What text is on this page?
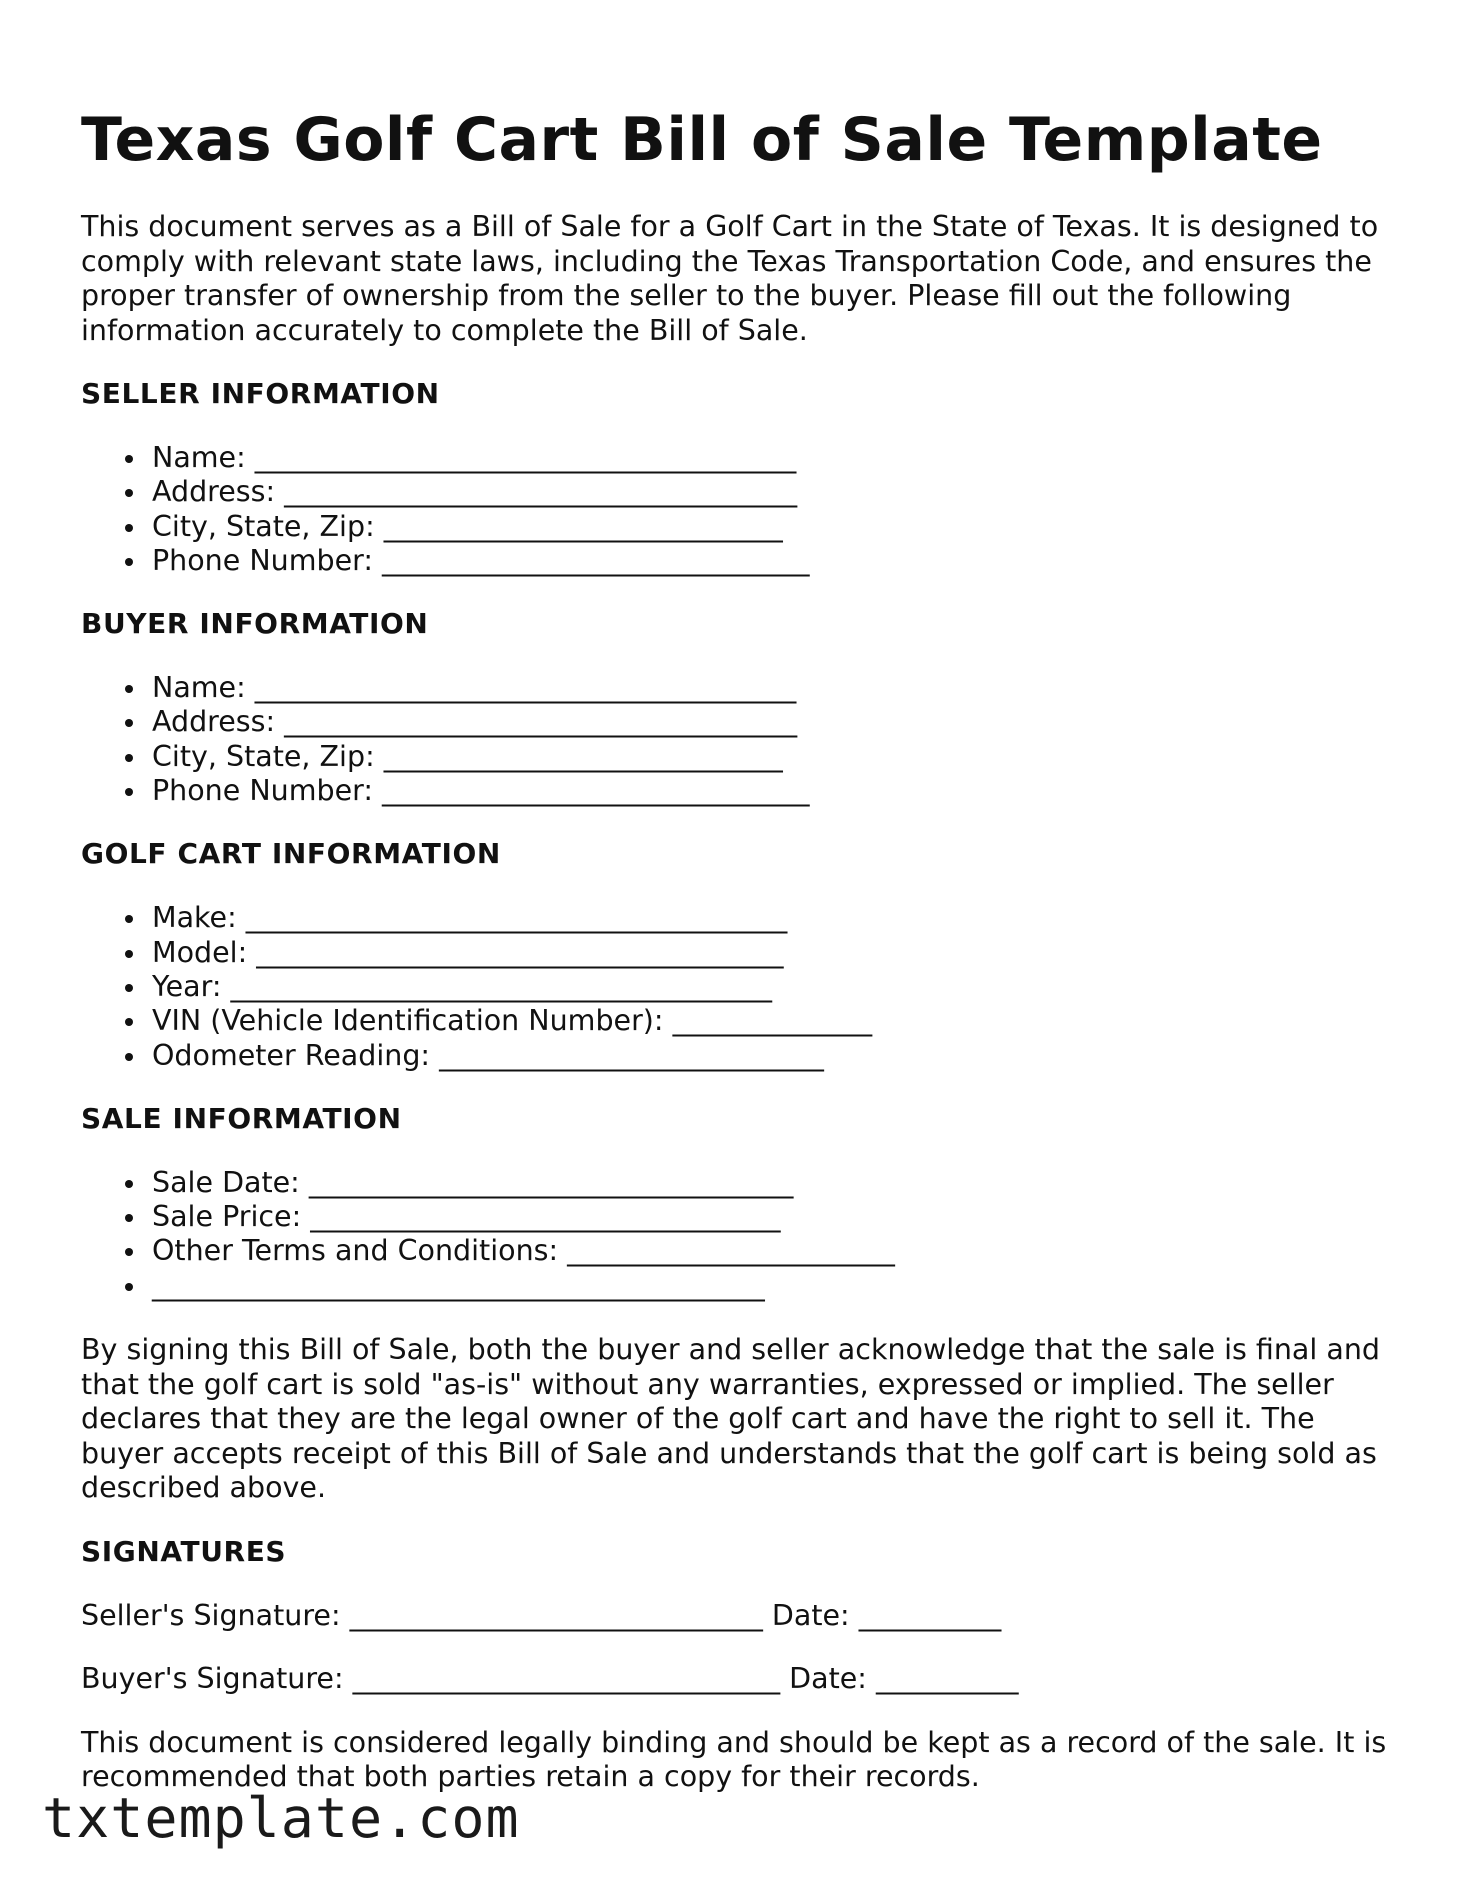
Texas Golf Cart Bill of Sale Template

This document serves as a Bill of Sale for a Golf Cart in the State of Texas. It is designed to comply with relevant state laws, including the Texas Transportation Code, and ensures the proper transfer of ownership from the seller to the buyer. Please fill out the following information accurately to complete the Bill of Sale.

SELLER INFORMATION
Name: ______________________________________
Address: ____________________________________
City, State, Zip: ____________________________
Phone Number: ______________________________
BUYER INFORMATION
Name: ______________________________________
Address: ____________________________________
City, State, Zip: ____________________________
Phone Number: ______________________________
GOLF CART INFORMATION
Make: ______________________________________
Model: _____________________________________
Year: ______________________________________
VIN (Vehicle Identification Number): ______________
Odometer Reading: ___________________________
SALE INFORMATION
Sale Date: __________________________________
Sale Price: _________________________________
Other Terms and Conditions: _______________________
___________________________________________

By signing this Bill of Sale, both the buyer and seller acknowledge that the sale is final and that the golf cart is sold "as-is" without any warranties, expressed or implied. The seller declares that they are the legal owner of the golf cart and have the right to sell it. The buyer accepts receipt of this Bill of Sale and understands that the golf cart is being sold as described above.

SIGNATURES
Seller's Signature: _____________________________ Date: __________
Buyer's Signature: ______________________________ Date: __________

This document is considered legally binding and should be kept as a record of the sale. It is recommended that both parties retain a copy for their records.

txtemplate.com
